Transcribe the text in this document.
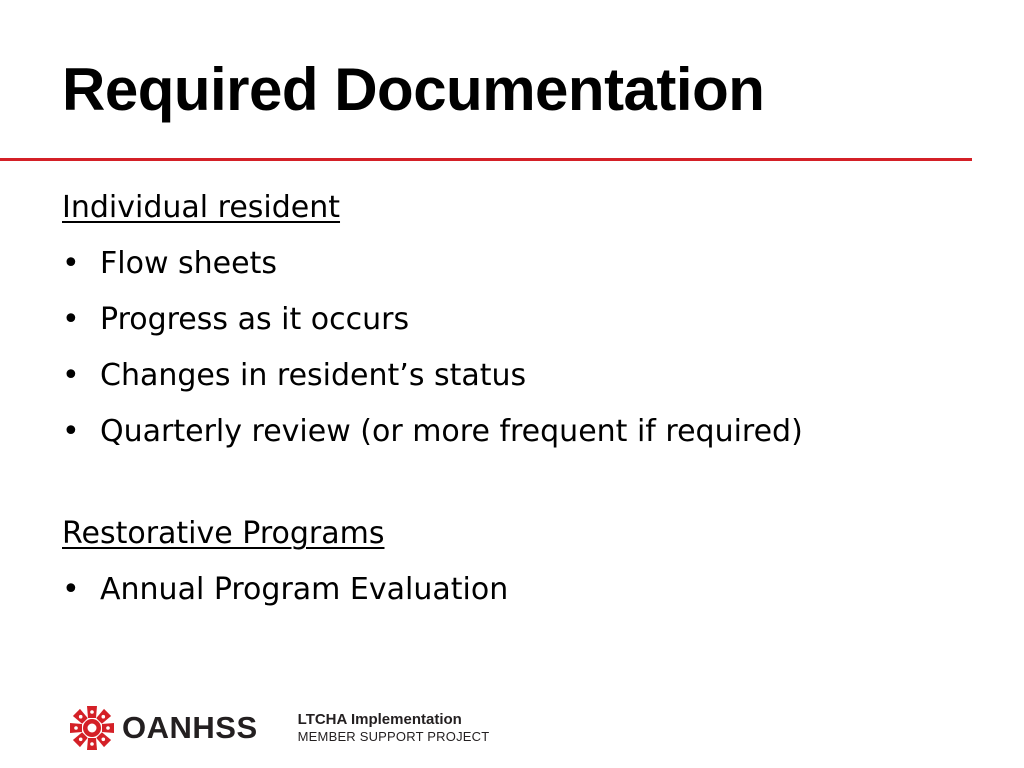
Required Documentation
Individual resident
• Flow sheets
• Progress as it occurs
• Changes in resident’s status
• Quarterly review (or more frequent if required)
Restorative Programs
• Annual Program Evaluation
OANHSS	LTCHA Implementation
MEMBER SUPPORT PROJECT
